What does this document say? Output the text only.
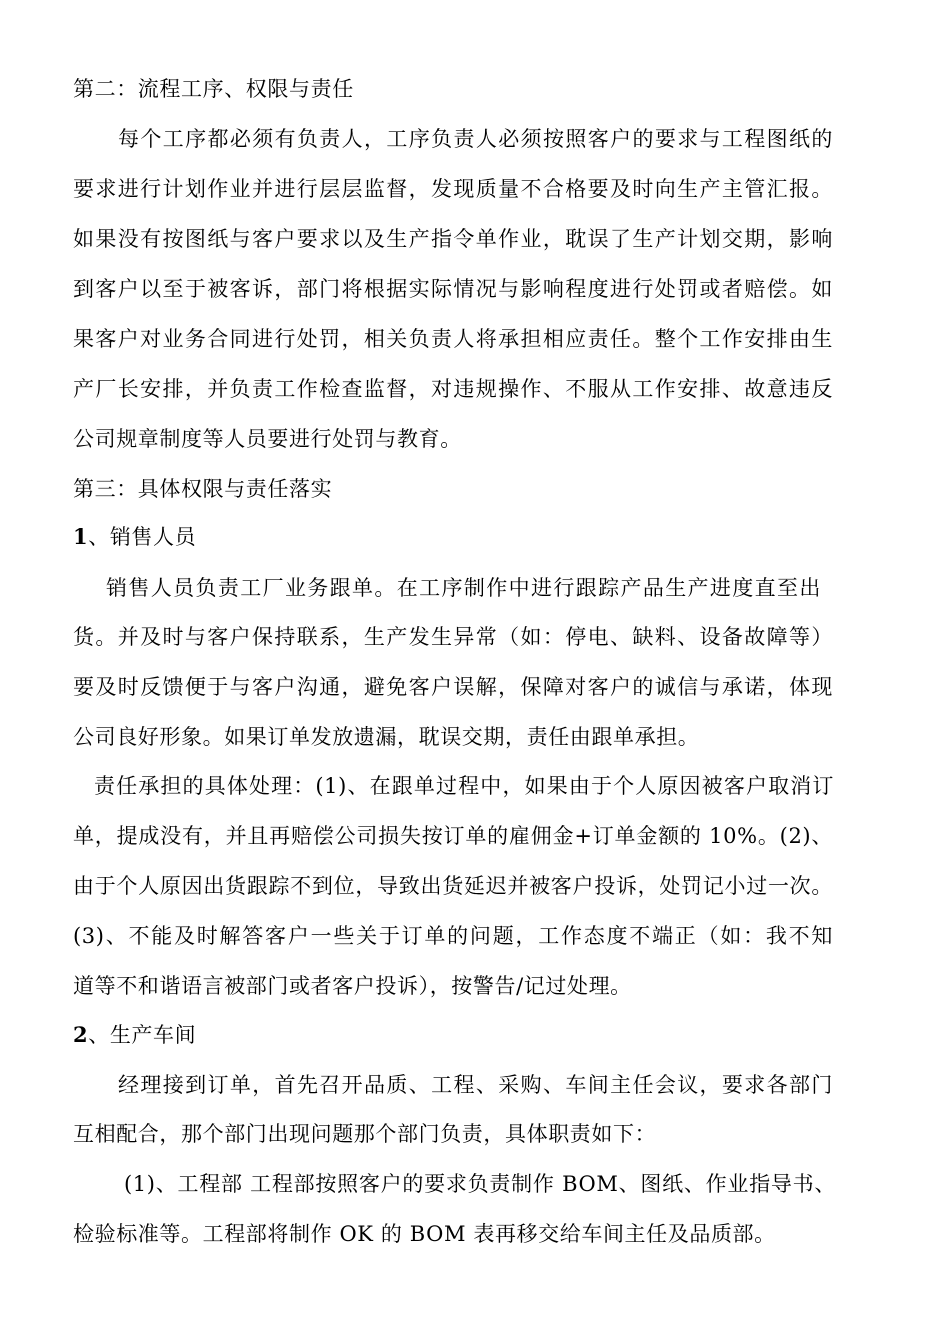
第二：流程工序、权限与责任
每个工序都必须有负责人，工序负责人必须按照客户的要求与工程图纸的
要求进行计划作业并进行层层监督，发现质量不合格要及时向生产主管汇报。
如果没有按图纸与客户要求以及生产指令单作业，耽误了生产计划交期，影响
到客户以至于被客诉，部门将根据实际情况与影响程度进行处罚或者赔偿。如
果客户对业务合同进行处罚，相关负责人将承担相应责任。整个工作安排由生
产厂长安排，并负责工作检查监督，对违规操作、不服从工作安排、故意违反
公司规章制度等人员要进行处罚与教育。
第三：具体权限与责任落实
1、销售人员
销售人员负责工厂业务跟单。在工序制作中进行跟踪产品生产进度直至出
货。并及时与客户保持联系，生产发生异常（如：停电、缺料、设备故障等）
要及时反馈便于与客户沟通，避免客户误解，保障对客户的诚信与承诺，体现
公司良好形象。如果订单发放遗漏，耽误交期，责任由跟单承担。
责任承担的具体处理：(1)、在跟单过程中，如果由于个人原因被客户取消订
单，提成没有，并且再赔偿公司损失按订单的雇佣金+订单金额的 10%。(2)、
由于个人原因出货跟踪不到位，导致出货延迟并被客户投诉，处罚记小过一次。
(3)、不能及时解答客户一些关于订单的问题，工作态度不端正（如：我不知
道等不和谐语言被部门或者客户投诉），按警告/记过处理。
2、生产车间
经理接到订单，首先召开品质、工程、采购、车间主任会议，要求各部门
互相配合，那个部门出现问题那个部门负责，具体职责如下：
(1)、工程部 工程部按照客户的要求负责制作 BOM、图纸、作业指导书、
检验标准等。工程部将制作 OK 的 BOM 表再移交给车间主任及品质部。
